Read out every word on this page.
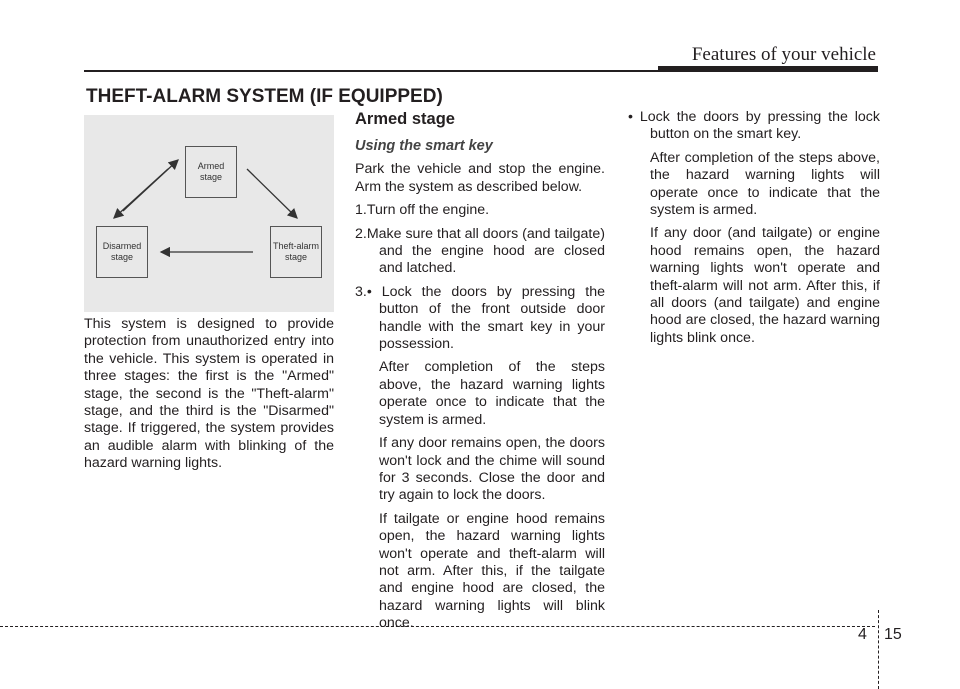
Features of your vehicle
THEFT-ALARM SYSTEM (IF EQUIPPED)
Armed
stage
Disarmed
stage
Theft-alarm
stage

This system is designed to provide protection from unauthorized entry into the vehicle. This system is operated in three stages: the first is the "Armed" stage, the second is the "Theft-alarm" stage, and the third is the "Disarmed" stage. If triggered, the system provides an audible alarm with blinking of the hazard warning lights.

Armed stage
Using the smart key

Park the vehicle and stop the engine. Arm the system as described below.

1.Turn off the engine.

2.Make sure that all doors (and tailgate) and the engine hood are closed and latched.

3.• Lock the doors by pressing the button of the front outside door handle with the smart key in your possession.

After completion of the steps above, the hazard warning lights operate once to indicate that the system is armed.

If any door remains open, the doors won't lock and the chime will sound for 3 seconds. Close the door and try again to lock the doors.

If tailgate or engine hood remains open, the hazard warning lights won't operate and theft-alarm will not arm. After this, if the tailgate and engine hood are closed, the hazard warning lights will blink once.

• Lock the doors by pressing the lock button on the smart key.

After completion of the steps above, the hazard warning lights will operate once to indicate that the system is armed.

If any door (and tailgate) or engine hood remains open, the hazard warning lights won't operate and theft-alarm will not arm. After this, if all doors (and tailgate) and engine hood are closed, the hazard warning lights blink once.

4 15
